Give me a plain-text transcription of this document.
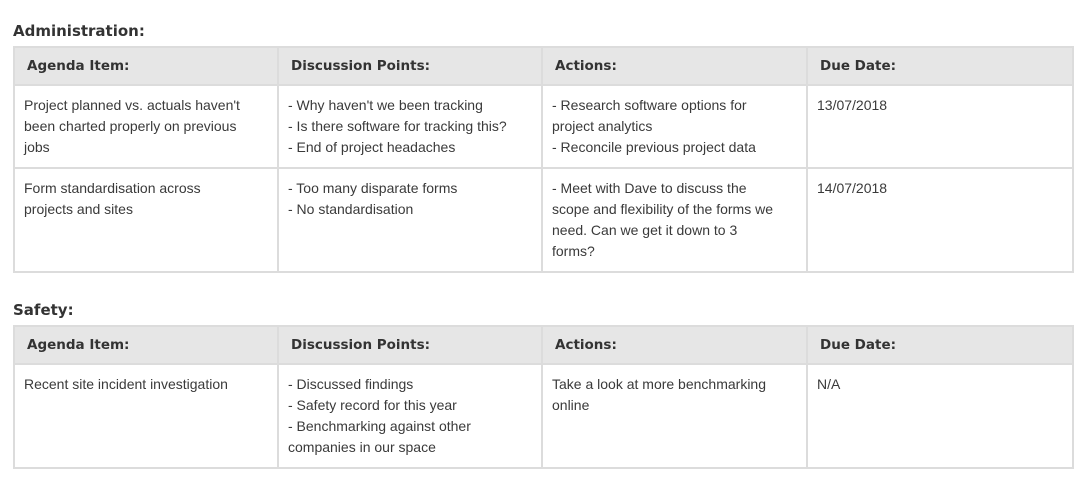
Administration:
Agenda Item:	Discussion Points:	Actions:	Due Date:

Project planned vs. actuals haven't
been charted properly on previous
jobs	- Why haven't we been tracking
- Is there software for tracking this?
- End of project headaches	- Research software options for
project analytics
- Reconcile previous project data	13/07/2018

Form standardisation across
projects and sites	- Too many disparate forms
- No standardisation	- Meet with Dave to discuss the
scope and flexibility of the forms we
need. Can we get it down to 3
forms?	14/07/2018
Safety:
Agenda Item:	Discussion Points:	Actions:	Due Date:

Recent site incident investigation	- Discussed findings
- Safety record for this year
- Benchmarking against other
companies in our space	Take a look at more benchmarking
online	N/A
